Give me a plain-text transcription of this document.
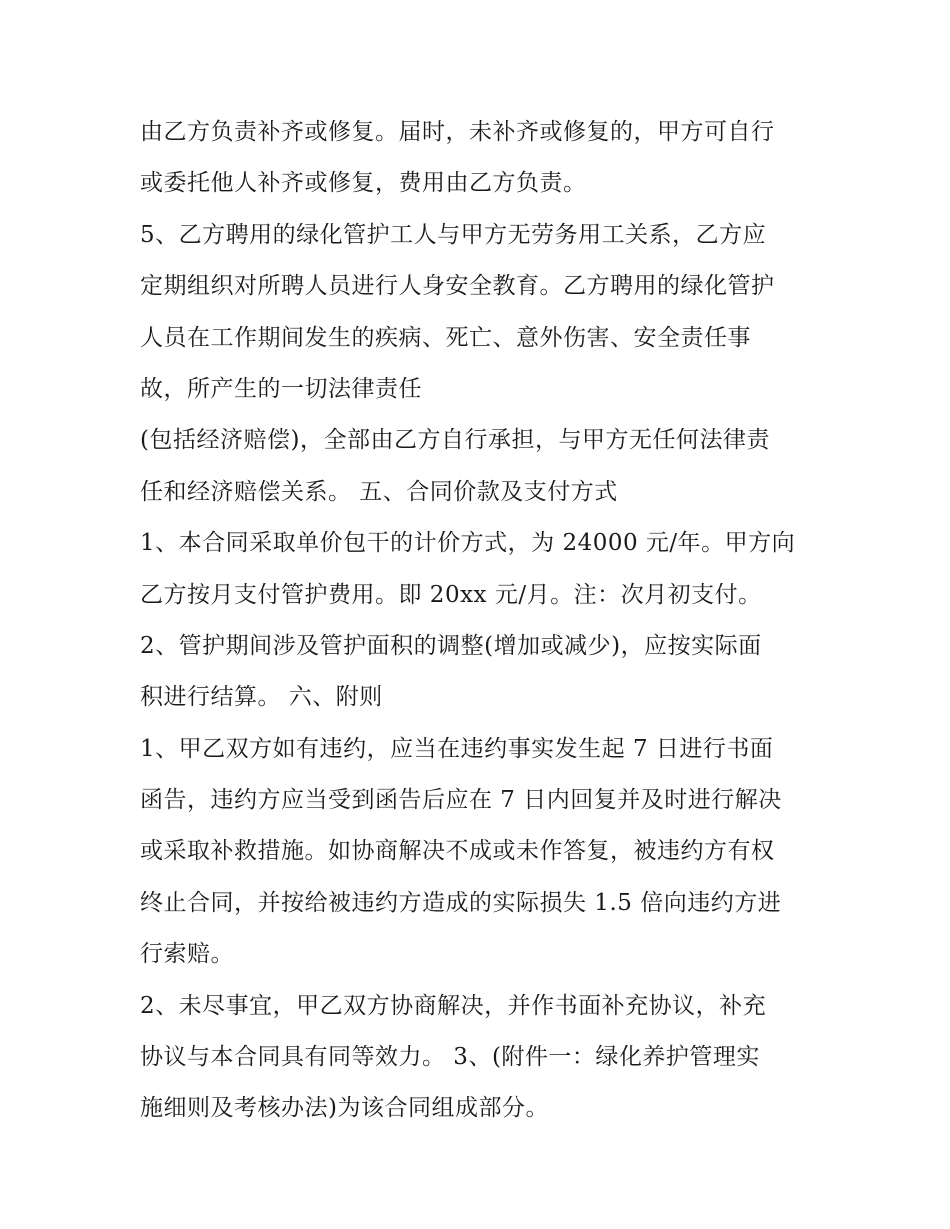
由乙方负责补齐或修复。届时，未补齐或修复的，甲方可自行
或委托他人补齐或修复，费用由乙方负责。
5、乙方聘用的绿化管护工人与甲方无劳务用工关系，乙方应
定期组织对所聘人员进行人身安全教育。乙方聘用的绿化管护
人员在工作期间发生的疾病、死亡、意外伤害、安全责任事
故，所产生的一切法律责任
(包括经济赔偿)，全部由乙方自行承担，与甲方无任何法律责
任和经济赔偿关系。 五、合同价款及支付方式
1、本合同采取单价包干的计价方式，为 24000 元/年。甲方向
乙方按月支付管护费用。即 20xx 元/月。注：次月初支付。
2、管护期间涉及管护面积的调整(增加或减少)，应按实际面
积进行结算。 六、附则
1、甲乙双方如有违约，应当在违约事实发生起 7 日进行书面
函告，违约方应当受到函告后应在 7 日内回复并及时进行解决
或采取补救措施。如协商解决不成或未作答复，被违约方有权
终止合同，并按给被违约方造成的实际损失 1.5 倍向违约方进
行索赔。
2、未尽事宜，甲乙双方协商解决，并作书面补充协议，补充
协议与本合同具有同等效力。 3、(附件一：绿化养护管理实
施细则及考核办法)为该合同组成部分。
